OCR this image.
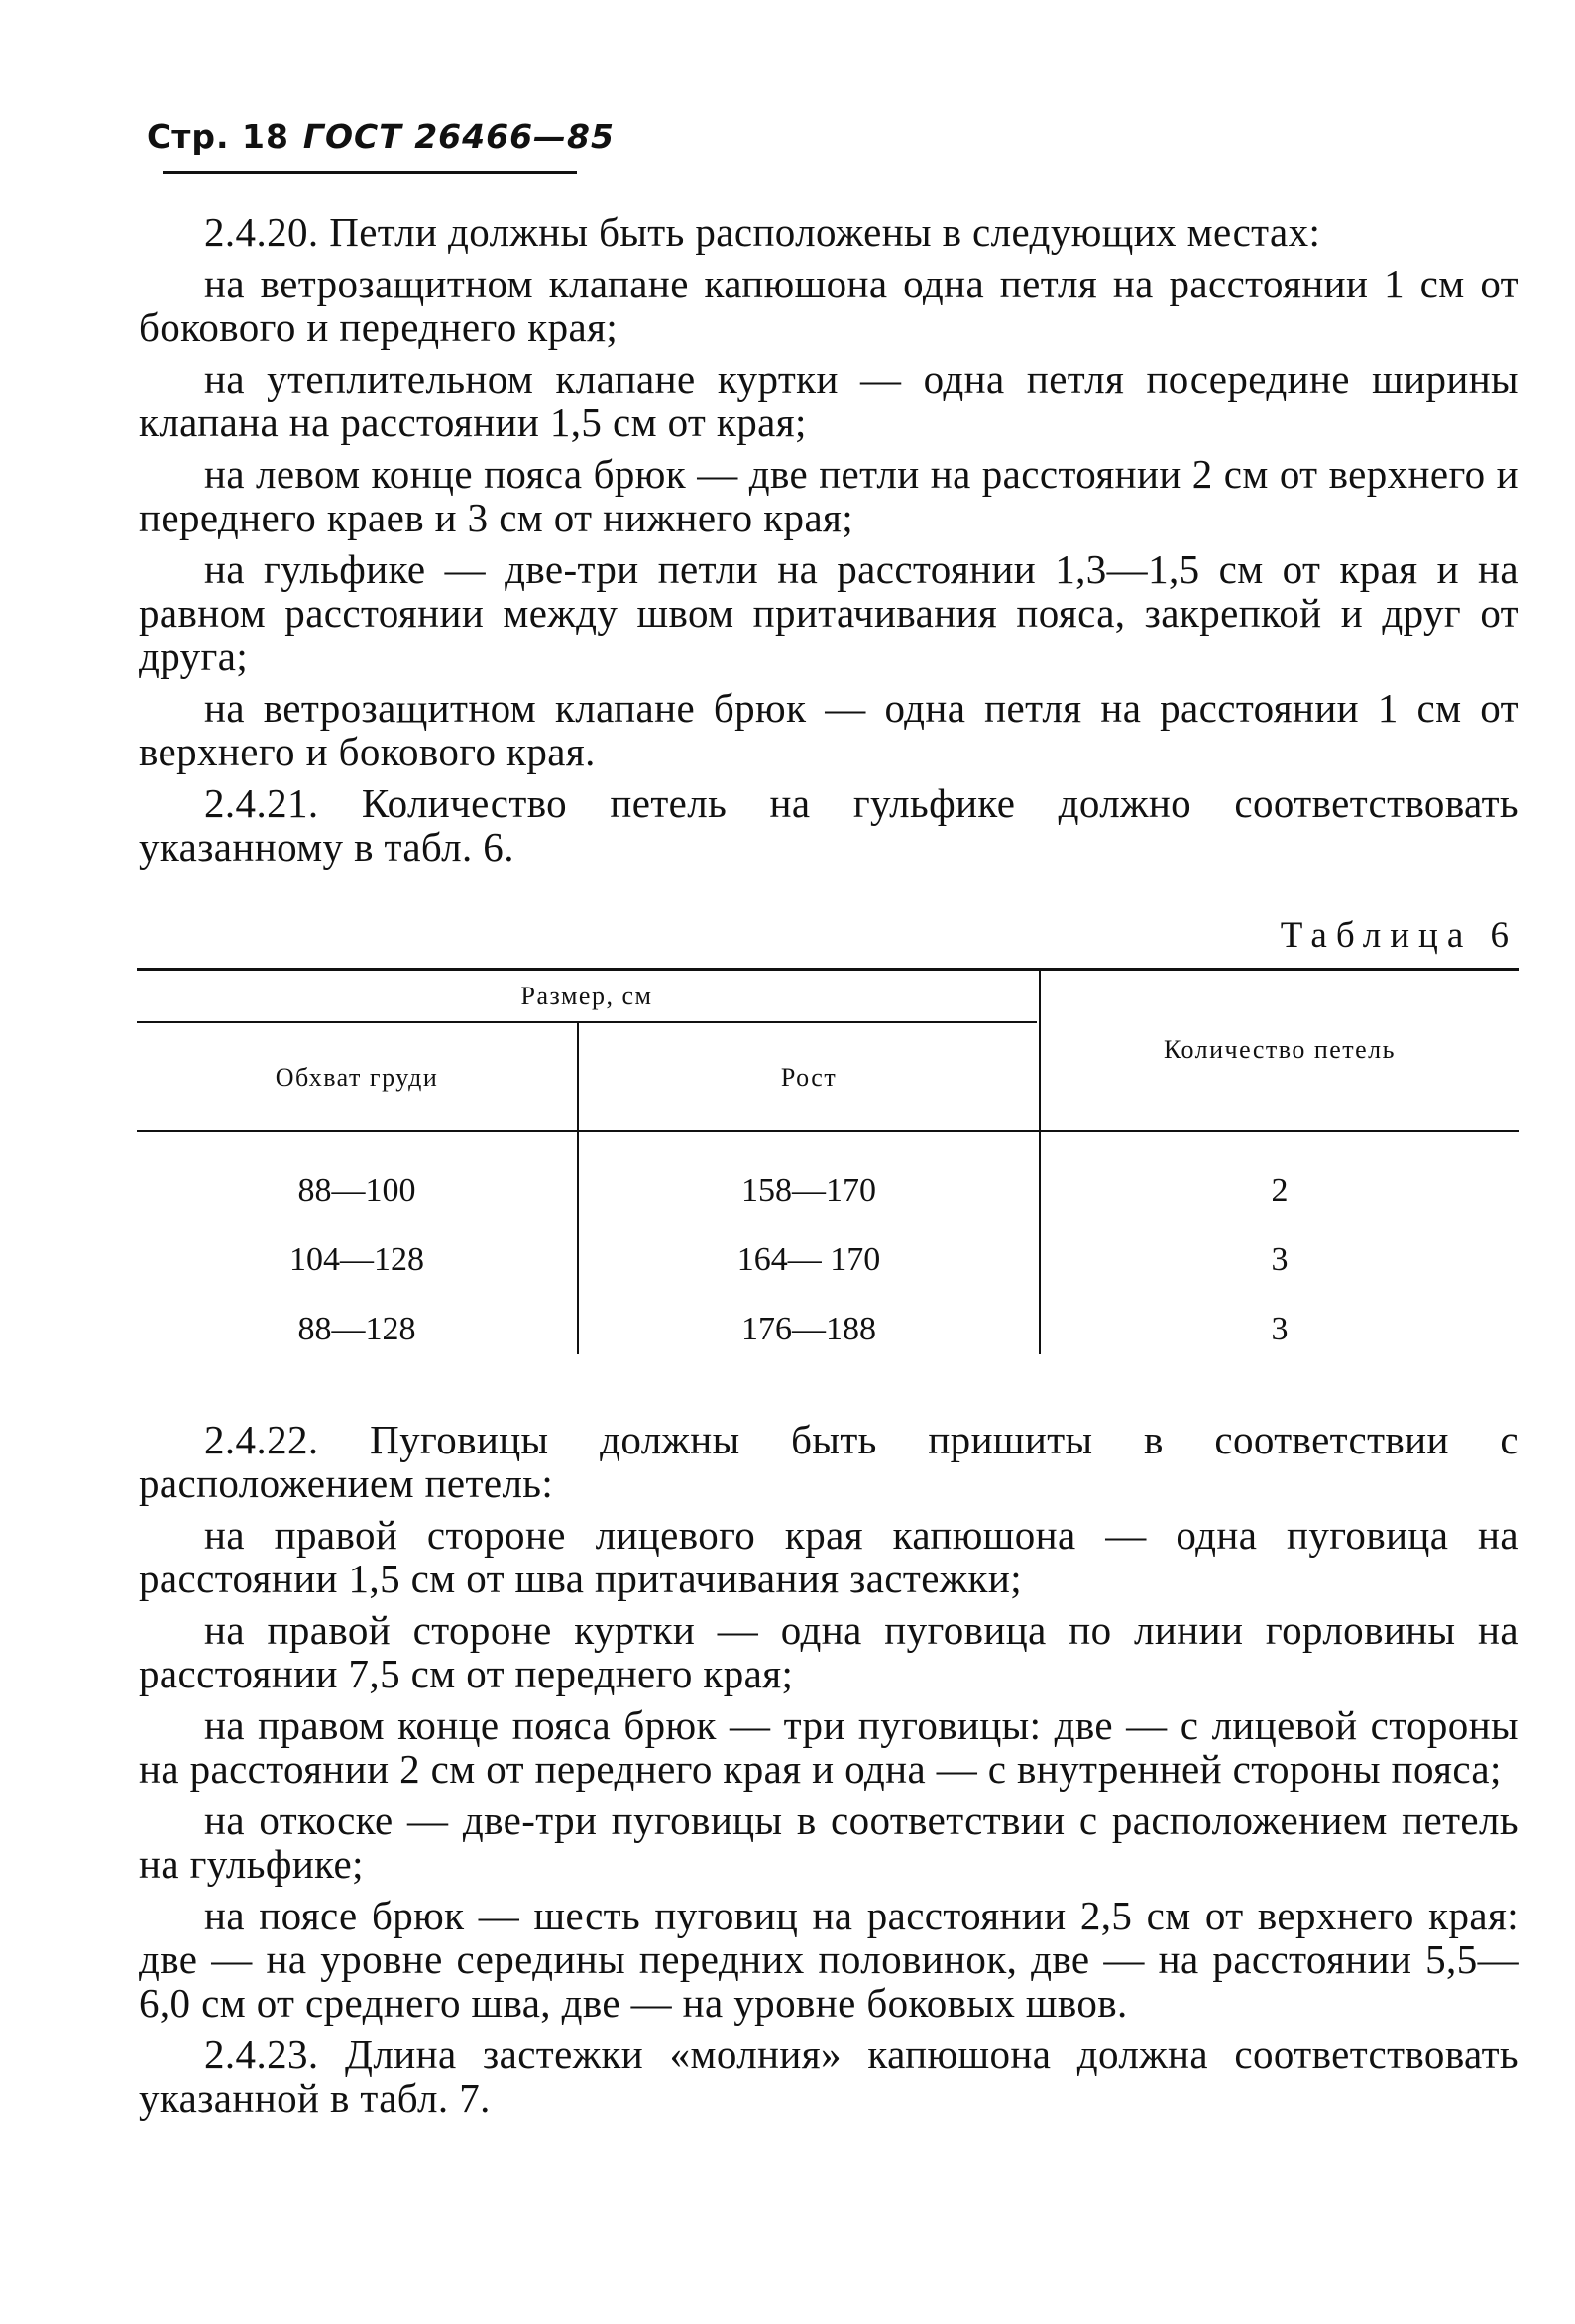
Стр. 18 ГОСТ 26466—85

2.4.20. Петли должны быть расположены в следующих местах:

на ветрозащитном клапане капюшона одна петля на расстоянии 1 см от бокового и переднего края;

на утеплительном клапане куртки — одна петля посередине ширины клапана на расстоянии 1,5 см от края;

на левом конце пояса брюк — две петли на расстоянии 2 см от верхнего и переднего краев и 3 см от нижнего края;

на гульфике — две-три петли на расстоянии 1,3—1,5 см от края и на равном расстоянии между швом притачивания пояса, закрепкой и друг от друга;

на ветрозащитном клапане брюк — одна петля на расстоянии 1 см от верхнего и бокового края.

2.4.21. Количество петель на гульфике должно соответствовать указанному в табл. 6.

Таблица 6
Размер, см
Обхват груди	Рост
Количество петель
88—100	158—170	2
104—128	164— 170	3
88—128	176—188	3

2.4.22. Пуговицы должны быть пришиты в соответствии с расположением петель:

на правой стороне лицевого края капюшона — одна пуговица на расстоянии 1,5 см от шва притачивания застежки;

на правой стороне куртки — одна пуговица по линии горловины на расстоянии 7,5 см от переднего края;

на правом конце пояса брюк — три пуговицы: две — с лицевой стороны на расстоянии 2 см от переднего края и одна — с внутренней стороны пояса;

на откоске — две-три пуговицы в соответствии с расположением петель на гульфике;

на поясе брюк — шесть пуговиц на расстоянии 2,5 см от верхнего края: две — на уровне середины передних половинок, две — на расстоянии 5,5—6,0 см от среднего шва, две — на уровне боковых швов.

2.4.23. Длина застежки «молния» капюшона должна соответствовать указанной в табл. 7.
